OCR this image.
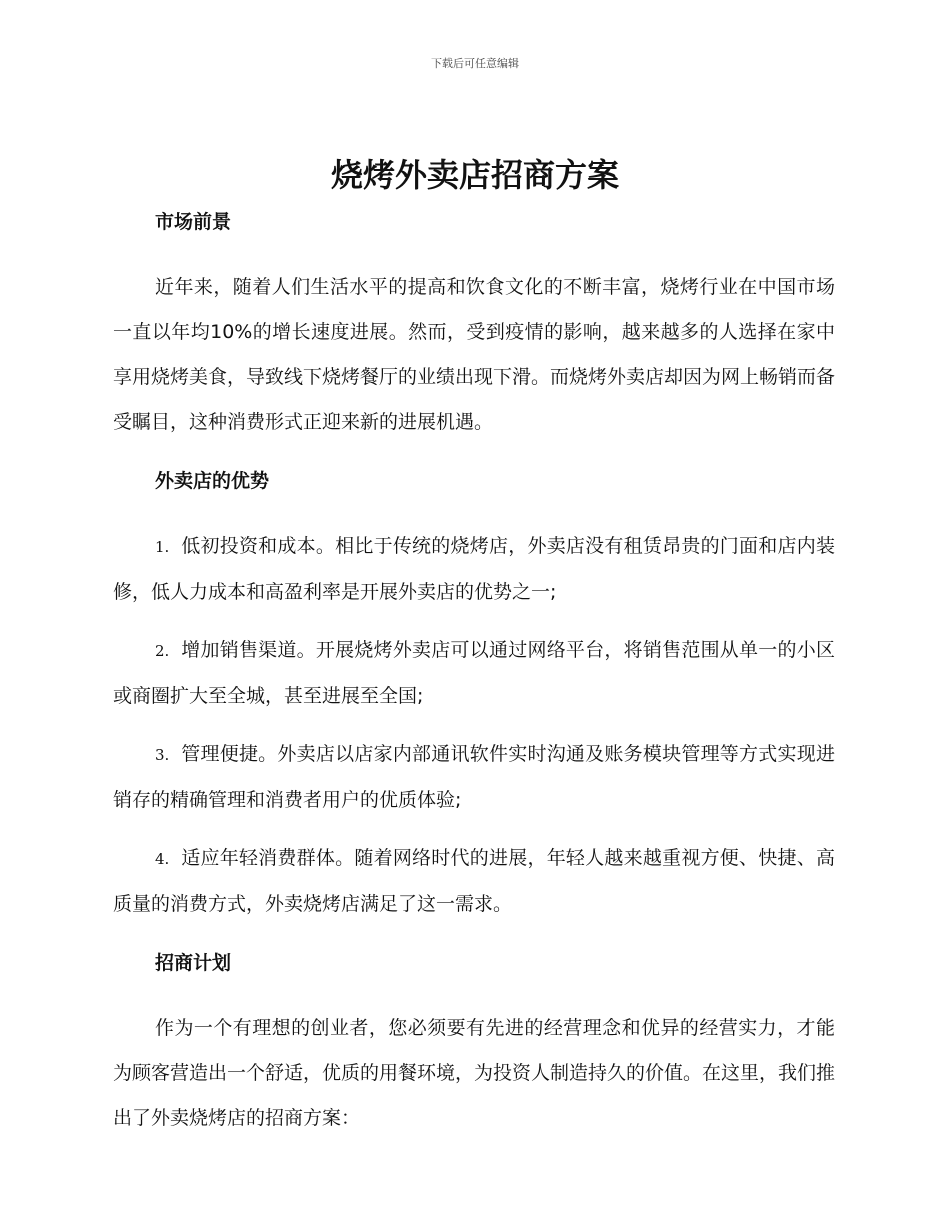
下载后可任意编辑
烧烤外卖店招商方案
市场前景

近年来，随着人们生活水平的提高和饮食文化的不断丰富，烧烤行业在中国市场一直以年均10%的增长速度进展。然而，受到疫情的影响，越来越多的人选择在家中享用烧烤美食，导致线下烧烤餐厅的业绩出现下滑。而烧烤外卖店却因为网上畅销而备受瞩目，这种消费形式正迎来新的进展机遇。

外卖店的优势

1. 低初投资和成本。相比于传统的烧烤店，外卖店没有租赁昂贵的门面和店内装修，低人力成本和高盈利率是开展外卖店的优势之一;

2. 增加销售渠道。开展烧烤外卖店可以通过网络平台，将销售范围从单一的小区或商圈扩大至全城，甚至进展至全国;

3. 管理便捷。外卖店以店家内部通讯软件实时沟通及账务模块管理等方式实现进销存的精确管理和消费者用户的优质体验;

4. 适应年轻消费群体。随着网络时代的进展，年轻人越来越重视方便、快捷、高质量的消费方式，外卖烧烤店满足了这一需求。

招商计划

作为一个有理想的创业者，您必须要有先进的经营理念和优异的经营实力，才能为顾客营造出一个舒适，优质的用餐环境，为投资人制造持久的价值。在这里，我们推出了外卖烧烤店的招商方案：
